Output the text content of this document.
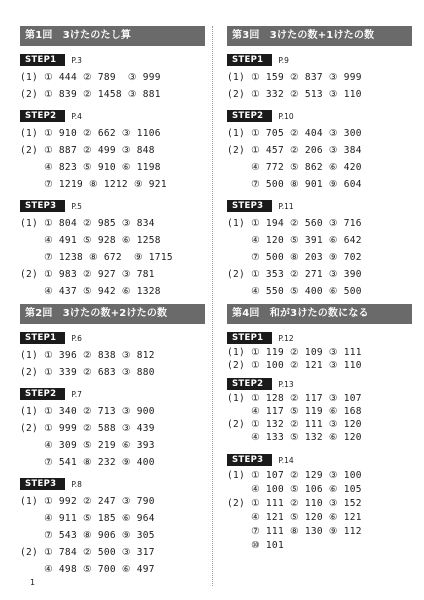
第1回　3けたのたし算
STEP1	P.3
(1) ① 444 ② 789  ③ 999
(2) ① 839 ② 1458 ③ 881
STEP2	P.4
(1) ① 910 ② 662 ③ 1106
(2) ① 887 ② 499 ③ 848
④ 823 ⑤ 910 ⑥ 1198
⑦ 1219 ⑧ 1212 ⑨ 921
STEP3	P.5
(1) ① 804 ② 985 ③ 834
④ 491 ⑤ 928 ⑥ 1258
⑦ 1238 ⑧ 672  ⑨ 1715
(2) ① 983 ② 927 ③ 781
④ 437 ⑤ 942 ⑥ 1328
第2回　3けたの数+2けたの数
STEP1	P.6
(1) ① 396 ② 838 ③ 812
(2) ① 339 ② 683 ③ 880
STEP2	P.7
(1) ① 340 ② 713 ③ 900
(2) ① 999 ② 588 ③ 439
④ 309 ⑤ 219 ⑥ 393
⑦ 541 ⑧ 232 ⑨ 400
STEP3	P.8
(1) ① 992 ② 247 ③ 790
④ 911 ⑤ 185 ⑥ 964
⑦ 543 ⑧ 906 ⑨ 305
(2) ① 784 ② 500 ③ 317
④ 498 ⑤ 700 ⑥ 497
第3回　3けたの数+1けたの数
STEP1	P.9
(1) ① 159 ② 837 ③ 999
(2) ① 332 ② 513 ③ 110
STEP2	P.10
(1) ① 705 ② 404 ③ 300
(2) ① 457 ② 206 ③ 384
④ 772 ⑤ 862 ⑥ 420
⑦ 500 ⑧ 901 ⑨ 604
STEP3	P.11
(1) ① 194 ② 560 ③ 716
④ 120 ⑤ 391 ⑥ 642
⑦ 500 ⑧ 203 ⑨ 702
(2) ① 353 ② 271 ③ 390
④ 550 ⑤ 400 ⑥ 500
第4回　和が3けたの数になる
STEP1	P.12
(1) ① 119 ② 109 ③ 111
(2) ① 100 ② 121 ③ 110
STEP2	P.13
(1) ① 128 ② 117 ③ 107
④ 117 ⑤ 119 ⑥ 168
(2) ① 132 ② 111 ③ 120
④ 133 ⑤ 132 ⑥ 120
STEP3	P.14
(1) ① 107 ② 129 ③ 100
④ 100 ⑤ 106 ⑥ 105
(2) ① 111 ② 110 ③ 152
④ 121 ⑤ 120 ⑥ 121
⑦ 111 ⑧ 130 ⑨ 112
⑩ 101
1
